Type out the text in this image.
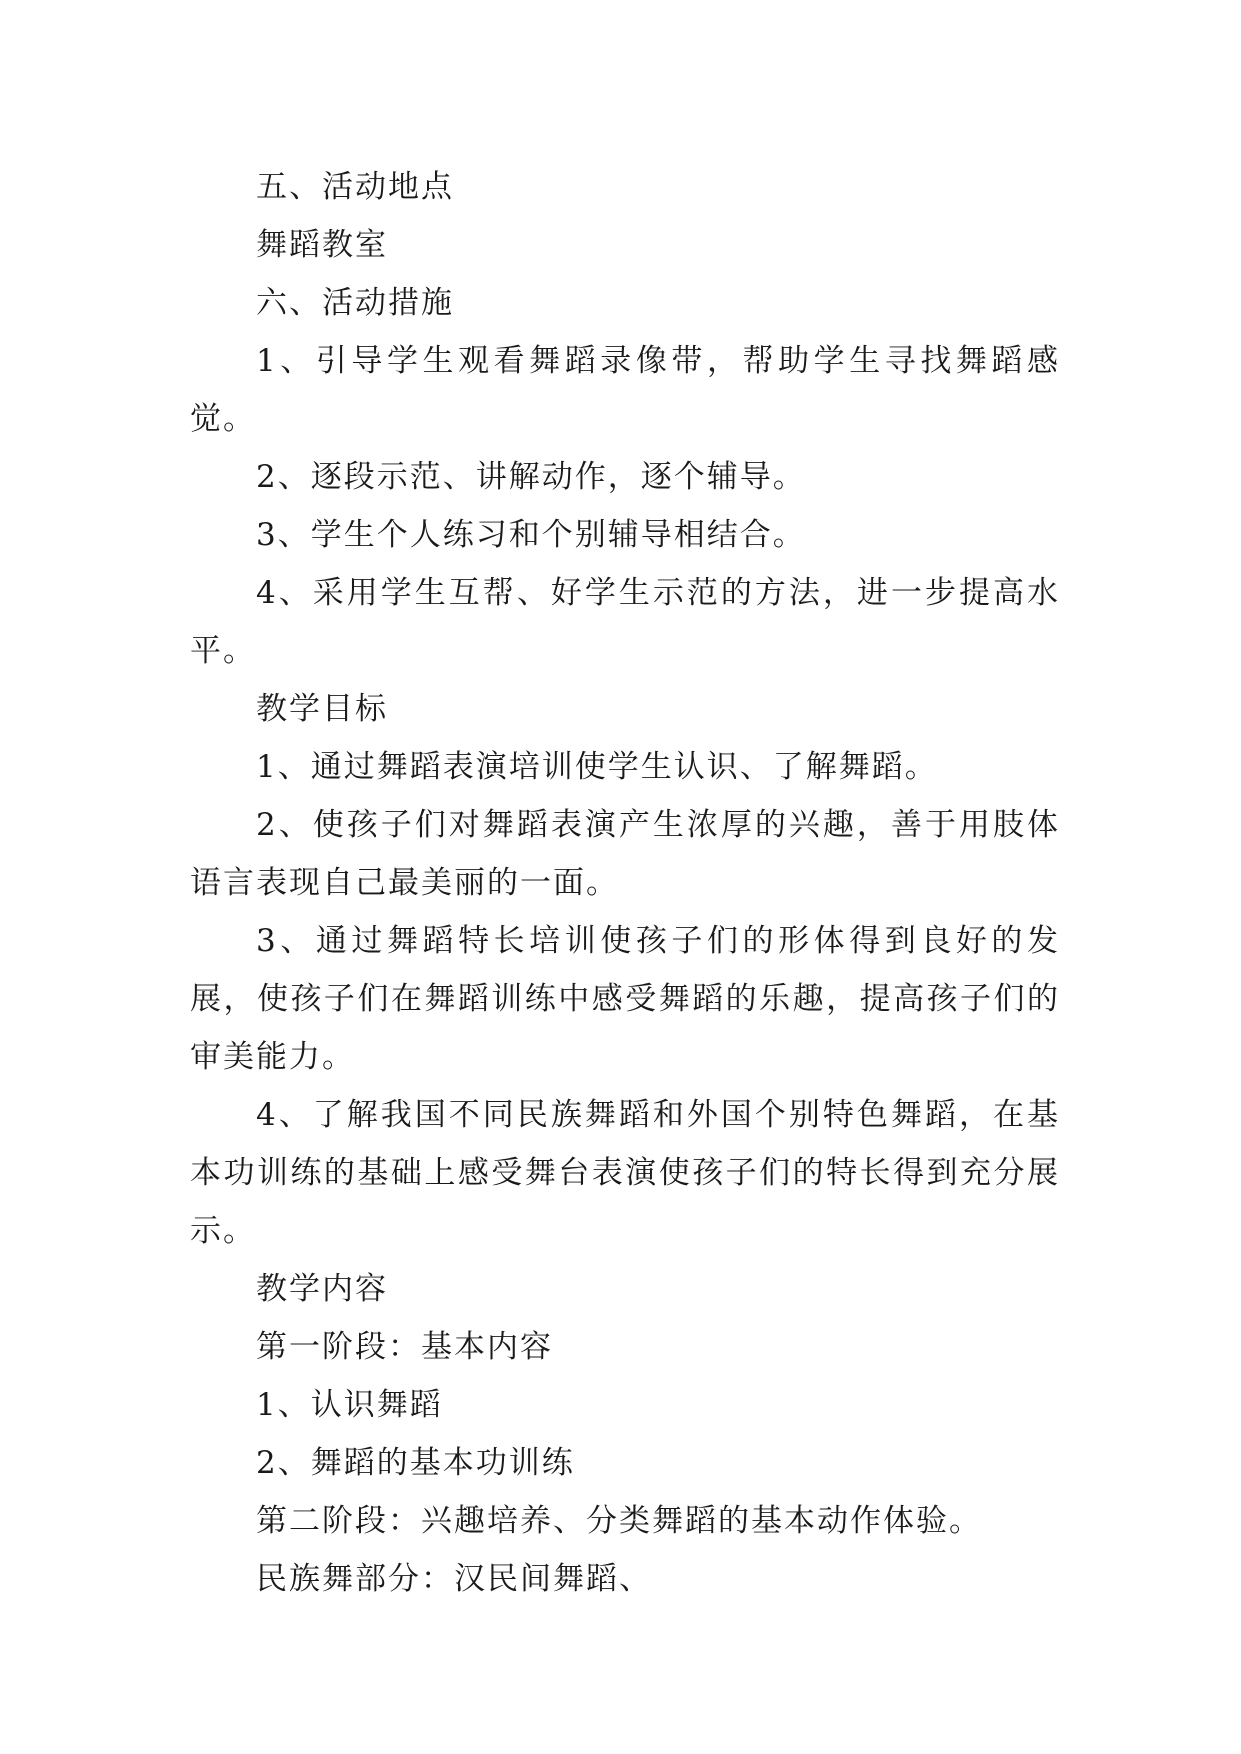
五、活动地点

舞蹈教室

六、活动措施

1、引导学生观看舞蹈录像带，帮助学生寻找舞蹈感觉。

2、逐段示范、讲解动作，逐个辅导。

3、学生个人练习和个别辅导相结合。

4、采用学生互帮、好学生示范的方法，进一步提高水平。

教学目标

1、通过舞蹈表演培训使学生认识、了解舞蹈。

2、使孩子们对舞蹈表演产生浓厚的兴趣，善于用肢体语言表现自己最美丽的一面。

3、通过舞蹈特长培训使孩子们的形体得到良好的发展，使孩子们在舞蹈训练中感受舞蹈的乐趣，提高孩子们的审美能力。

4、了解我国不同民族舞蹈和外国个别特色舞蹈，在基本功训练的基础上感受舞台表演使孩子们的特长得到充分展示。

教学内容

第一阶段：基本内容

1、认识舞蹈

2、舞蹈的基本功训练

第二阶段：兴趣培养、分类舞蹈的基本动作体验。

民族舞部分：汉民间舞蹈、
